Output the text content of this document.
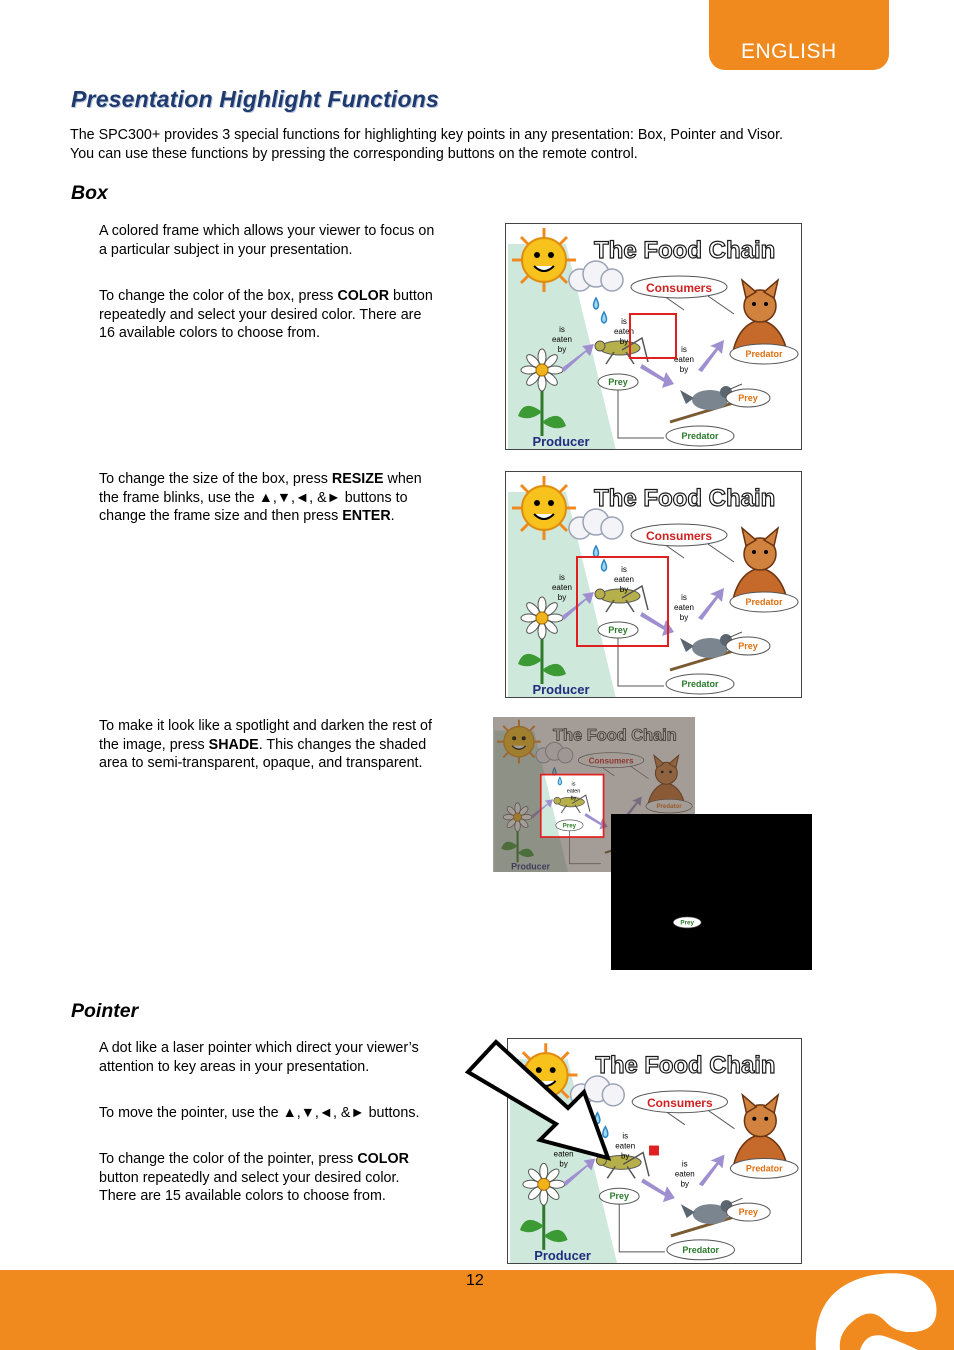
ENGLISH
Presentation Highlight Functions
The SPC300+ provides 3 special functions for highlighting key points in any presentation: Box, Pointer and Visor.
You can use these functions by pressing the corresponding buttons on the remote control.
Box
A colored frame which allows your viewer to focus on a particular subject in your presentation.
To change the color of the box, press COLOR button repeatedly and select your desired color. There are 16 available colors to choose from.
To change the size of the box, press RESIZE when the frame blinks, use the ▲,▼,◄, &► buttons to change the frame size and then press ENTER.
To make it look like a spotlight and darken the rest of the image, press SHADE. This changes the shaded area to semi-transparent, opaque, and transparent.
Pointer
A dot like a laser pointer which direct your viewer’s attention to key areas in your presentation.
To move the pointer, use the ▲,▼,◄, &► buttons.
To change the color of the pointer, press COLOR button repeatedly and select your desired color. There are 15 available colors to choose from.
The Food Chain
Consumers
Producer
is
eaten
by
is
eaten
by
is
eaten
by
Prey
Predator
Prey
Predator
The Food Chain
Consumers
Producer
is
eaten
by
is
eaten
by
is
eaten
by
Prey
Predator
Prey
Predator
is
eaten
by
Prey
is
eaten
by
Prey
The Food Chain
Consumers
Producer
eaten
by
is
eaten
by
is
eaten
by
Prey
Predator
Prey
Predator
12
